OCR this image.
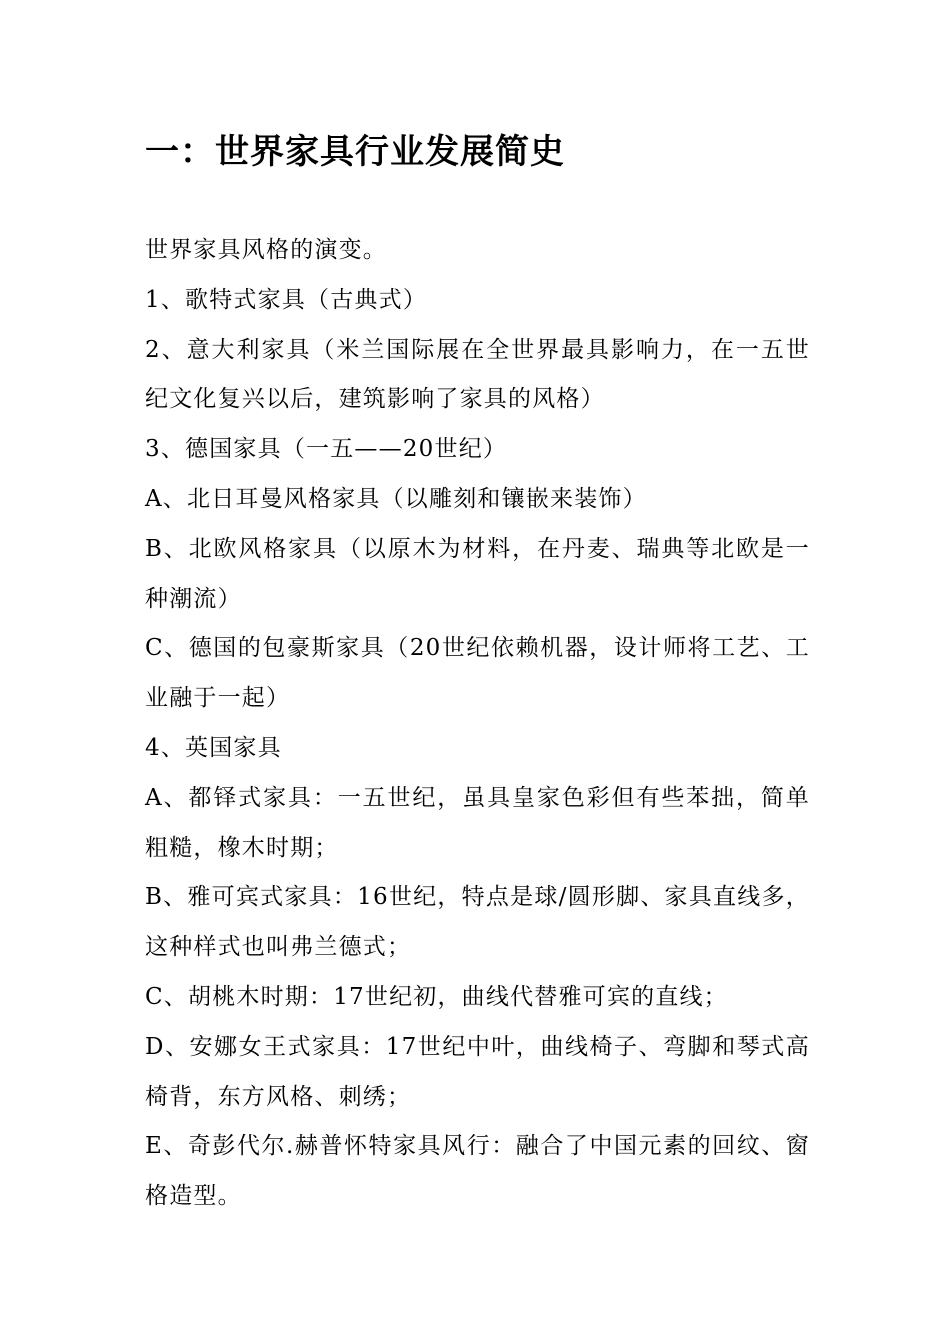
一：世界家具行业发展简史

世界家具风格的演变。

1、歌特式家具（古典式）

2、意大利家具（米兰国际展在全世界最具影响力，在一五世纪文化复兴以后，建筑影响了家具的风格）

3、德国家具（一五——20世纪）

A、北日耳曼风格家具（以雕刻和镶嵌来装饰）

B、北欧风格家具（以原木为材料，在丹麦、瑞典等北欧是一种潮流）

C、德国的包豪斯家具（20世纪依赖机器，设计师将工艺、工业融于一起）

4、英国家具

A、都铎式家具：一五世纪，虽具皇家色彩但有些苯拙，简单粗糙，橡木时期；

B、雅可宾式家具：16世纪，特点是球/圆形脚、家具直线多，这种样式也叫弗兰德式；

C、胡桃木时期：17世纪初，曲线代替雅可宾的直线；

D、安娜女王式家具：17世纪中叶，曲线椅子、弯脚和琴式高椅背，东方风格、刺绣；

E、奇彭代尔.赫普怀特家具风行：融合了中国元素的回纹、窗格造型。
